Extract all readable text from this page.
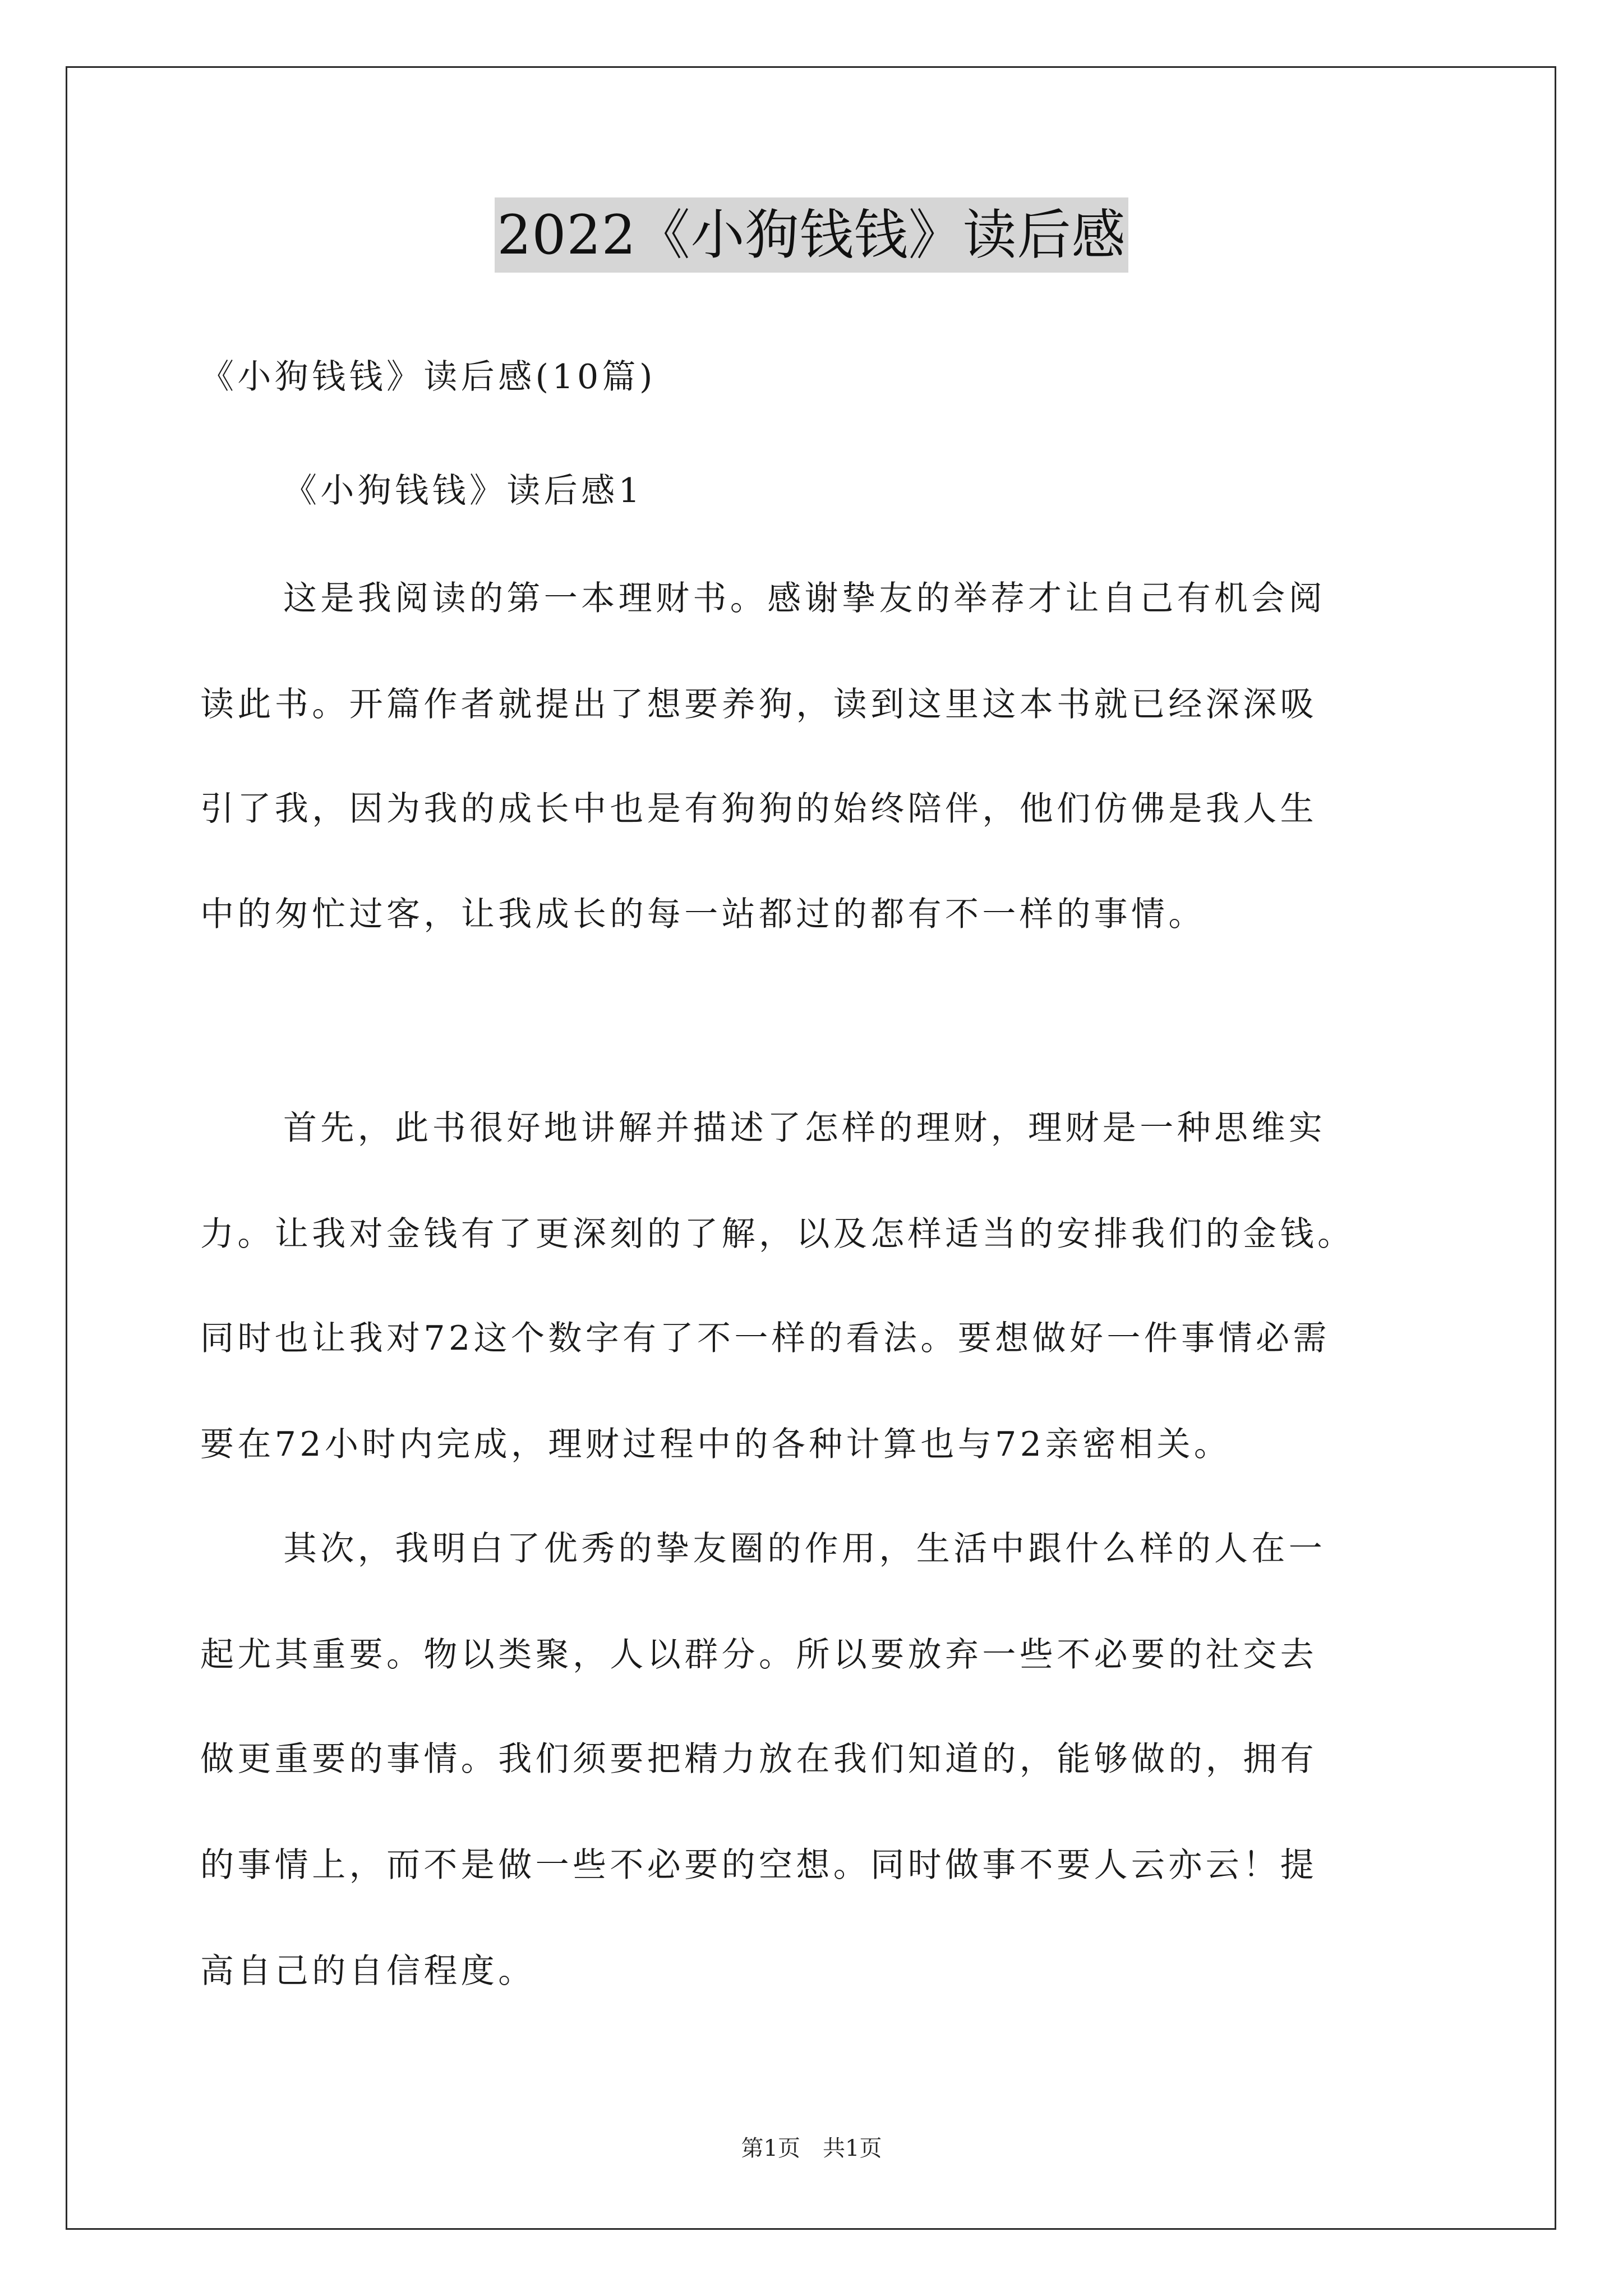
2022《小狗钱钱》读后感
《小狗钱钱》读后感(10篇)
《小狗钱钱》读后感1
这是我阅读的第一本理财书。感谢挚友的举荐才让自己有机会阅
读此书。开篇作者就提出了想要养狗，读到这里这本书就已经深深吸
引了我，因为我的成长中也是有狗狗的始终陪伴，他们仿佛是我人生
中的匆忙过客，让我成长的每一站都过的都有不一样的事情。
首先，此书很好地讲解并描述了怎样的理财，理财是一种思维实
力。让我对金钱有了更深刻的了解，以及怎样适当的安排我们的金钱。
同时也让我对72这个数字有了不一样的看法。要想做好一件事情必需
要在72小时内完成，理财过程中的各种计算也与72亲密相关。
其次，我明白了优秀的挚友圈的作用，生活中跟什么样的人在一
起尤其重要。物以类聚，人以群分。所以要放弃一些不必要的社交去
做更重要的事情。我们须要把精力放在我们知道的，能够做的，拥有
的事情上，而不是做一些不必要的空想。同时做事不要人云亦云！提
高自己的自信程度。
第1页 共1页
